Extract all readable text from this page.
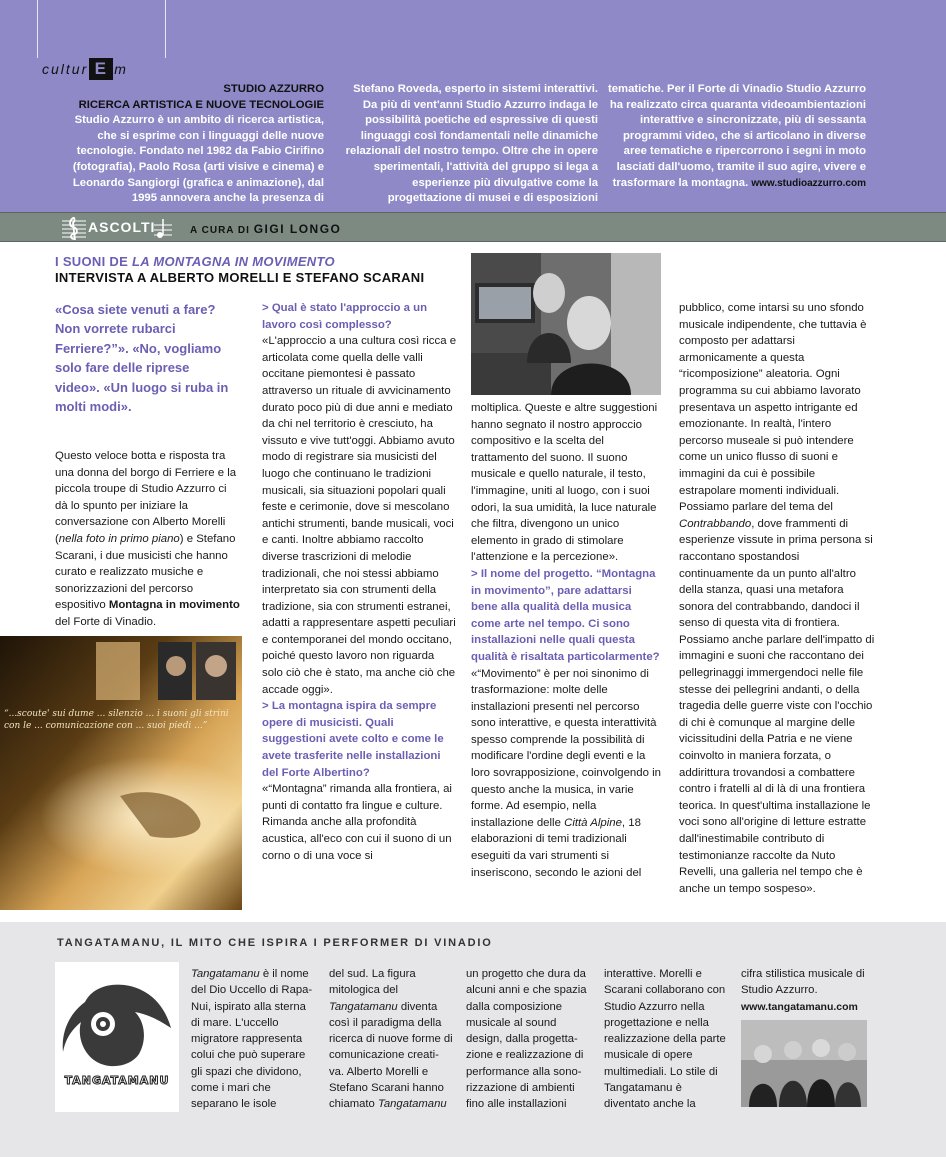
cultur E m
STUDIO AZZURRO
RICERCA ARTISTICA E NUOVE TECNOLOGIE
Studio Azzurro è un ambito di ricerca artistica, che si esprime con i linguaggi delle nuove tecnologie. Fondato nel 1982 da Fabio Cirifino (fotografia), Paolo Rosa (arti visive e cinema) e Leonardo Sangiorgi (grafica e animazione), dal 1995 annovera anche la presenza di
Stefano Roveda, esperto in sistemi interattivi. Da più di vent'anni Studio Azzurro indaga le possibilità poetiche ed espressive di questi linguaggi così fondamentali nelle dinamiche relazionali del nostro tempo. Oltre che in opere sperimentali, l'attività del gruppo si lega a esperienze più divulgative come la progettazione di musei e di esposizioni
tematiche. Per il Forte di Vinadio Studio Azzurro ha realizzato circa quaranta videoambientazioni interattive e sincronizzate, più di sessanta programmi video, che si articolano in diverse aree tematiche e ripercorrono i segni in moto lasciati dall'uomo, tramite il suo agire, vivere e trasformare la montagna. www.studioazzurro.com
ASCOLTI	A CURA DI GIGI LONGO
I SUONI DE LA MONTAGNA IN MOVIMENTO
INTERVISTA A ALBERTO MORELLI E STEFANO SCARANI
«Cosa siete venuti a fare? Non vorrete rubarci Ferriere?”». «No, vogliamo solo fare delle riprese video». «Un luogo si ruba in molti modi».
Questo veloce botta e risposta tra una donna del borgo di Ferriere e la piccola troupe di Studio Azzurro ci dà lo spunto per iniziare la conversazione con Alberto Morelli (nella foto in primo piano) e Stefano Scarani, i due musicisti che hanno curato e realizzato musiche e sonorizzazioni del percorso espositivo Montagna in movimento del Forte di Vinadio.
“...scoute' sui dume ... silenzio ... i suoni gli strini con le ... comunicazione con ... suoi piedi ...”
> Qual è stato l'approccio a un lavoro così complesso?
«L'approccio a una cultura così ricca e articolata come quella delle valli occitane piemontesi è passato attraverso un rituale di avvicinamento durato poco più di due anni e mediato da chi nel territorio è cresciuto, ha vissuto e vive tutt'oggi. Abbiamo avuto modo di registrare sia musicisti del luogo che continuano le tradizioni musicali, sia situazioni popolari quali feste e cerimonie, dove si mescolano antichi strumenti, bande musicali, voci e canti. Inoltre abbiamo raccolto diverse trascrizioni di melodie tradizionali, che noi stessi abbiamo interpretato sia con strumenti della tradizione, sia con strumenti estranei, adatti a rappresentare aspetti peculiari e contemporanei del mondo occitano, poiché questo lavoro non riguarda solo ciò che è stato, ma anche ciò che accade oggi».
> La montagna ispira da sempre opere di musicisti. Quali suggestioni avete colto e come le avete trasferite nelle installazioni del Forte Albertino?
«“Montagna” rimanda alla frontiera, ai punti di contatto fra lingue e culture. Rimanda anche alla profondità acustica, all'eco con cui il suono di un corno o di una voce si
moltiplica. Queste e altre suggestioni hanno segnato il nostro approccio compositivo e la scelta del trattamento del suono. Il suono musicale e quello naturale, il testo, l'immagine, uniti al luogo, con i suoi odori, la sua umidità, la luce naturale che filtra, divengono un unico elemento in grado di stimolare l'attenzione e la percezione».
> Il nome del progetto. “Montagna in movimento”, pare adattarsi bene alla qualità della musica come arte nel tempo. Ci sono installazioni nelle quali questa qualità è risaltata particolarmente?
«“Movimento” è per noi sinonimo di trasformazione: molte delle installazioni presenti nel percorso sono interattive, e questa interattività spesso comprende la possibilità di modificare l'ordine degli eventi e la loro sovrapposizione, coinvolgendo in questo anche la musica, in varie forme. Ad esempio, nella installazione delle Città Alpine, 18 elaborazioni di temi tradizionali eseguiti da vari strumenti si inseriscono, secondo le azioni del
pubblico, come intarsi su uno sfondo musicale indipendente, che tuttavia è composto per adattarsi armonicamente a questa “ricomposizione” aleatoria. Ogni programma su cui abbiamo lavorato presentava un aspetto intrigante ed emozionante. In realtà, l'intero percorso museale si può intendere come un unico flusso di suoni e immagini da cui è possibile estrapolare momenti individuali. Possiamo parlare del tema del Contrabbando, dove frammenti di esperienze vissute in prima persona si raccontano spostandosi continuamente da un punto all'altro della stanza, quasi una metafora sonora del contrabbando, dandoci il senso di questa vita di frontiera. Possiamo anche parlare dell'impatto di immagini e suoni che raccontano dei pellegrinaggi immergendoci nelle file stesse dei pellegrini andanti, o della tragedia delle guerre viste con l'occhio di chi è comunque al margine delle vicissitudini della Patria e ne viene coinvolto in maniera forzata, o addirittura trovandosi a combattere contro i fratelli al di là di una frontiera teorica. In quest'ultima installazione le voci sono all'origine di letture estratte dall'inestimabile contributo di testimonianze raccolte da Nuto Revelli, una galleria nel tempo che è anche un tempo sospeso».
TANGATAMANU, IL MITO CHE ISPIRA I PERFORMER DI VINADIO
TANGATAMANU
Tangatamanu è il nome del Dio Uccello di Rapa-Nui, ispirato alla sterna di mare. L'uccello migratore rappresenta colui che può superare gli spazi che dividono, come i mari che separano le isole
del sud. La figura mitologica del Tangatamanu diventa così il paradigma della ricerca di nuove forme di comunicazione creati-va. Alberto Morelli e Stefano Scarani hanno chiamato Tangatamanu
un progetto che dura da alcuni anni e che spazia dalla composizione musicale al sound design, dalla progetta-zione e realizzazione di performance alla sono-rizzazione di ambienti fino alle installazioni
interattive. Morelli e Scarani collaborano con Studio Azzurro nella progettazione e nella realizzazione della parte musicale di opere multimediali. Lo stile di Tangatamanu è diventato anche la
cifra stilistica musicale di Studio Azzurro.
www.tangatamanu.com
